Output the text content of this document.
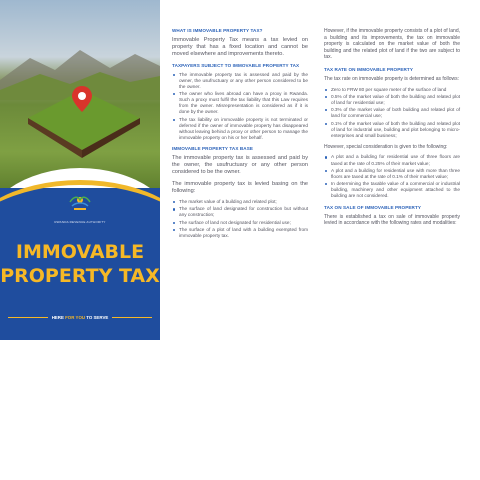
RWANDA REVENUE AUTHORITY
IMMOVABLE
PROPERTY TAX
HERE FOR YOU TO SERVE
WHAT IS IMMOVABLE PROPERTY TAX?

Immovable Property Tax means a tax levied on property that has a fixed location and cannot be moved elsewhere and improvements thereto.

TAXPAYERS SUBJECT TO IMMOVABLE PROPERTY TAX
The immovable property tax is assessed and paid by the owner, the usufructuary or any other person considered to be the owner.
The owner who lives abroad can have a proxy in Rwanda. Such a proxy must fulfil the tax liability that this Law requires from the owner. Misrepresentation is considered as if it is done by the owner.
The tax liability on immovable property is not terminated or deferred if the owner of immovable property has disappeared without leaving behind a proxy or other person to manage the immovable property on his or her behalf.
IMMOVABLE PROPERTY TAX BASE

The immovable property tax is assessed and paid by the owner, the usufructuary or any other person considered to be the owner.

The immovable property tax is levied basing on the following:

The market value of a building and related plot;
The surface of land designated for construction but without any construction;
The surface of land not designated for residential use;
The surface of a plot of land with a building exempted from immovable property tax.

However, if the immovable property consists of a plot of land, a building and its improvements, the tax on immovable property is calculated on the market value of both the building and the related plot of land if the two are subject to tax.

TAX RATE ON IMMOVABLE PROPERTY

The tax rate on immovable property is determined as follows:

Zero to FRW 80 per square meter of the surface of land
0.5% of the market value of both the building and related plot of land for residential use;
0.3% of the market value of both building and related plot of land for commercial use;
0.1% of the market value of both the building and related plot of land for industrial use, building and plot belonging to micro-enterprises and small business;

However, special consideration is given to the following:

A plot and a building for residential use of three floors are taxed at the rate of 0.25% of their market value;
A plot and a building for residential use with more than three floors are taxed at the rate of 0.1% of their market value;
In determining the taxable value of a commercial or industrial building, machinery and other equipment attached to the building are not considered.
TAX ON SALE OF IMMOVABLE PROPERTY

There is established a tax on sale of immovable property levied in accordance with the following rates and modalities:
